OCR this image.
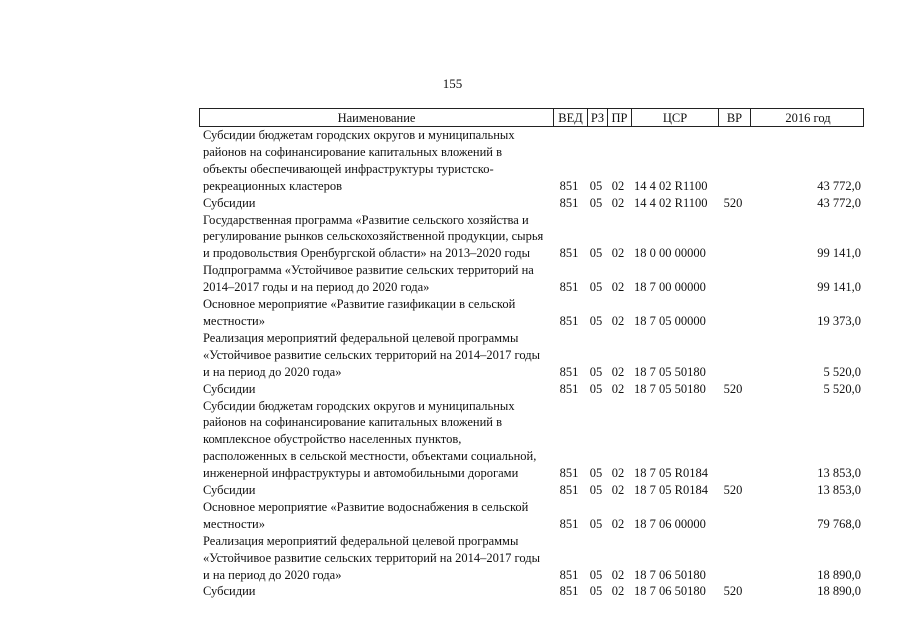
155
Наименование	ВЕД РЗ ПР	ЦСР	ВР	2016 год
Субсидии бюджетам городских округов и муниципальных районов на софинансирование капитальных вложений в объекты обеспечивающей инфраструктуры туристско-рекреационных кластеров	851 05 02 14 4 02 R1100	43 772,0
Субсидии	851 05 02 14 4 02 R1100	520	43 772,0
Государственная программа «Развитие сельского хозяйства и регулирование рынков сельскохозяйственной продукции, сырья и продовольствия Оренбургской области» на 2013–2020 годы	851 05 02 18 0 00 00000	99 141,0
Подпрограмма «Устойчивое развитие сельских территорий на 2014–2017 годы и на период до 2020 года»	851 05 02 18 7 00 00000	99 141,0
Основное мероприятие «Развитие газификации в сельской местности»	851 05 02 18 7 05 00000	19 373,0
Реализация мероприятий федеральной целевой программы «Устойчивое развитие сельских территорий на 2014–2017 годы и на период до 2020 года»	851 05 02 18 7 05 50180	5 520,0
Субсидии	851 05 02 18 7 05 50180	520	5 520,0
Субсидии бюджетам городских округов и муниципальных районов на софинансирование капитальных вложений в комплексное обустройство населенных пунктов, расположенных в сельской местности, объектами социальной, инженерной инфраструктуры и автомобильными дорогами	851 05 02 18 7 05 R0184	13 853,0
Субсидии	851 05 02 18 7 05 R0184	520	13 853,0
Основное мероприятие «Развитие водоснабжения в сельской местности»	851 05 02 18 7 06 00000	79 768,0
Реализация мероприятий федеральной целевой программы «Устойчивое развитие сельских территорий на 2014–2017 годы и на период до 2020 года»	851 05 02 18 7 06 50180	18 890,0
Субсидии	851 05 02 18 7 06 50180	520	18 890,0
